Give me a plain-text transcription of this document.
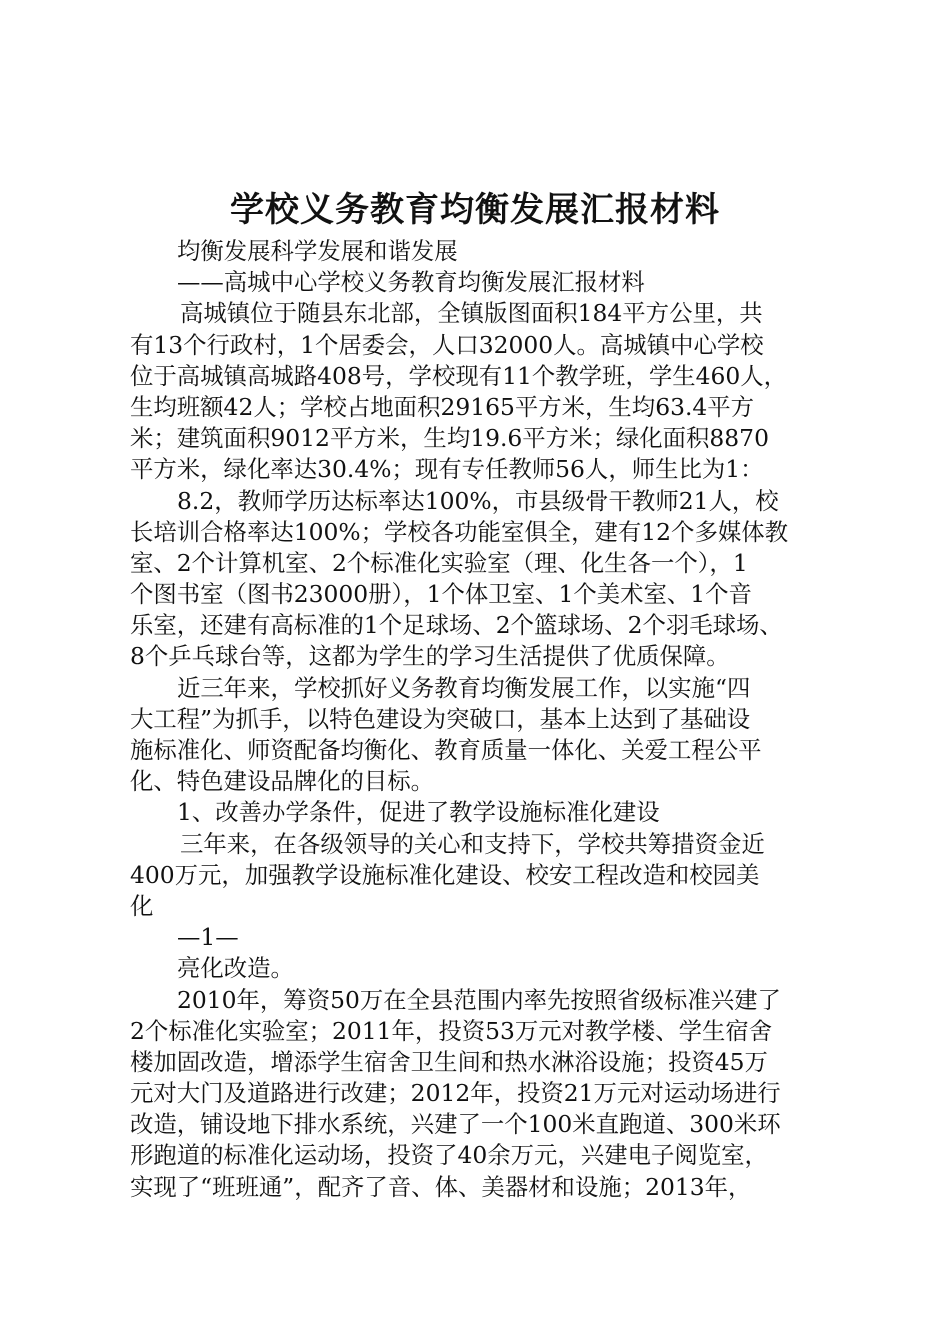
学校义务教育均衡发展汇报材料
均衡发展科学发展和谐发展
——高城中心学校义务教育均衡发展汇报材料
高城镇位于随县东北部，全镇版图面积184平方公里，共
有13个行政村，1个居委会，人口32000人。高城镇中心学校
位于高城镇高城路408号，学校现有11个教学班，学生460人，
生均班额42人；学校占地面积29165平方米，生均63.4平方
米；建筑面积9012平方米，生均19.6平方米；绿化面积8870
平方米，绿化率达30.4%；现有专任教师56人，师生比为1：
8.2，教师学历达标率达100%，市县级骨干教师21人，校
长培训合格率达100%；学校各功能室俱全，建有12个多媒体教
室、2个计算机室、2个标准化实验室（理、化生各一个），1
个图书室（图书23000册），1个体卫室、1个美术室、1个音
乐室，还建有高标准的1个足球场、2个篮球场、2个羽毛球场、
8个乒乓球台等，这都为学生的学习生活提供了优质保障。
近三年来，学校抓好义务教育均衡发展工作，以实施“四
大工程”为抓手，以特色建设为突破口，基本上达到了基础设
施标准化、师资配备均衡化、教育质量一体化、关爱工程公平
化、特色建设品牌化的目标。
1、改善办学条件，促进了教学设施标准化建设
三年来，在各级领导的关心和支持下，学校共筹措资金近
400万元，加强教学设施标准化建设、校安工程改造和校园美
化
—1—
亮化改造。
2010年，筹资50万在全县范围内率先按照省级标准兴建了
2个标准化实验室；2011年，投资53万元对教学楼、学生宿舍
楼加固改造，增添学生宿舍卫生间和热水淋浴设施；投资45万
元对大门及道路进行改建；2012年，投资21万元对运动场进行
改造，铺设地下排水系统，兴建了一个100米直跑道、300米环
形跑道的标准化运动场，投资了40余万元，兴建电子阅览室，
实现了“班班通”，配齐了音、体、美器材和设施；2013年，
